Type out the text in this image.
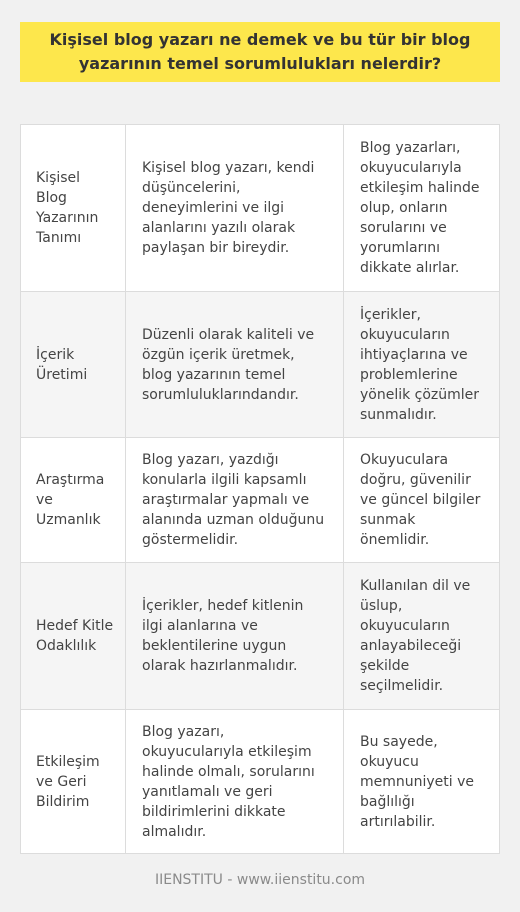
Kişisel blog yazarı ne demek ve bu tür bir blog yazarının temel sorumlulukları nelerdir?
Kişisel Blog Yazarının Tanımı
Kişisel blog yazarı, kendi düşüncelerini, deneyimlerini ve ilgi alanlarını yazılı olarak paylaşan bir bireydir.
Blog yazarları, okuyucularıyla etkileşim halinde olup, onların sorularını ve yorumlarını dikkate alırlar.
İçerik Üretimi
Düzenli olarak kaliteli ve özgün içerik üretmek, blog yazarının temel sorumluluklarındandır.
İçerikler, okuyucuların ihtiyaçlarına ve problemlerine yönelik çözümler sunmalıdır.
Araştırma ve Uzmanlık
Blog yazarı, yazdığı konularla ilgili kapsamlı araştırmalar yapmalı ve alanında uzman olduğunu göstermelidir.
Okuyuculara doğru, güvenilir ve güncel bilgiler sunmak önemlidir.
Hedef Kitle Odaklılık
İçerikler, hedef kitlenin ilgi alanlarına ve beklentilerine uygun olarak hazırlanmalıdır.
Kullanılan dil ve üslup, okuyucuların anlayabileceği şekilde seçilmelidir.
Etkileşim ve Geri Bildirim
Blog yazarı, okuyucularıyla etkileşim halinde olmalı, sorularını yanıtlamalı ve geri bildirimlerini dikkate almalıdır.
Bu sayede, okuyucu memnuniyeti ve bağlılığı artırılabilir.
IIENSTITU - www.iienstitu.com
